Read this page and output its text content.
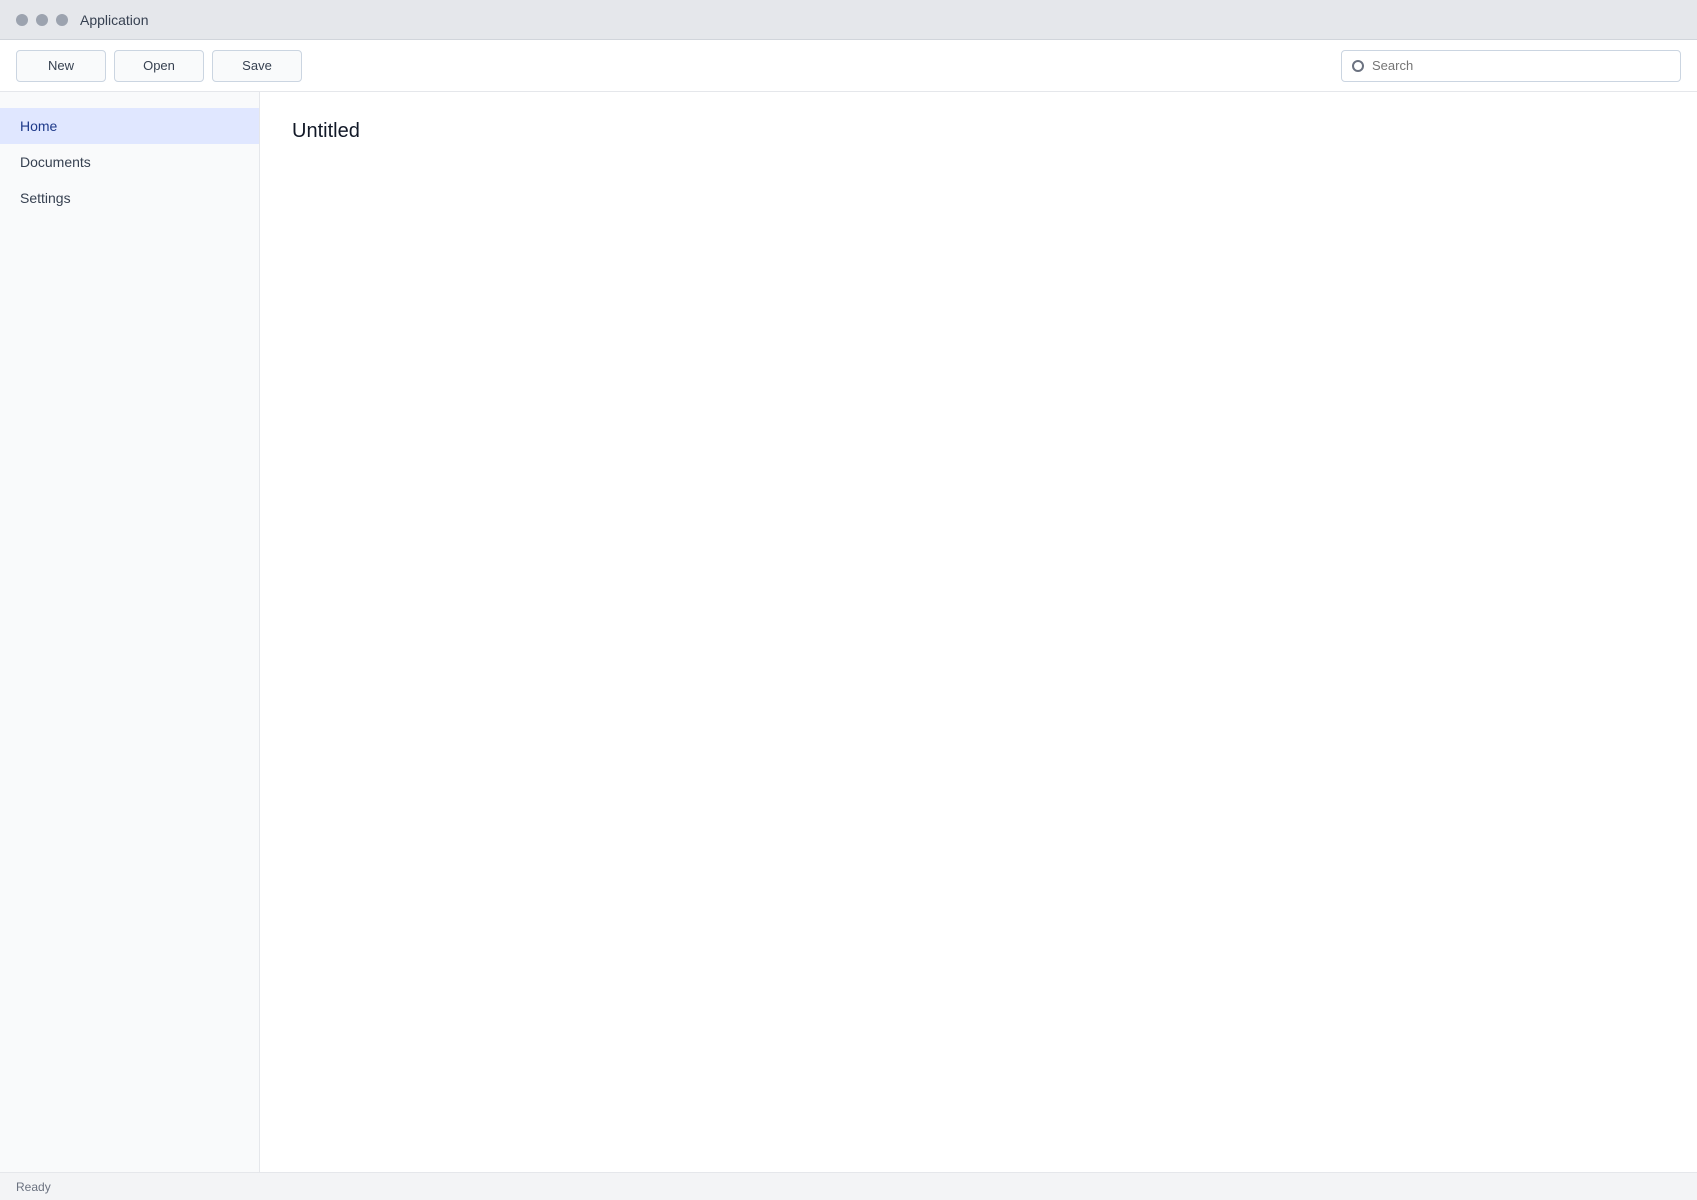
Application
New	Open	Save
Search
Home
Documents
Settings
Untitled
Ready
